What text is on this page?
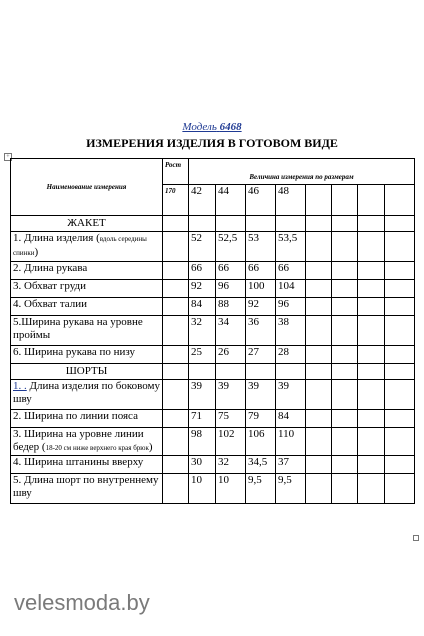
Модель 6468
ИЗМЕРЕНИЯ ИЗДЕЛИЯ В ГОТОВОМ ВИДЕ
+
Наименование измерения	Рост	Величина измерения по размерам							
	170	42	44	46	48				
ЖАКЕТ									
1. Длина изделия (вдоль середины спинки)		52	52,5	53	53,5				
2. Длина рукава		66	66	66	66				
3. Обхват груди		92	96	100	104				
4. Обхват талии		84	88	92	96				
5.Ширина рукава на уровне проймы		32	34	36	38				
6. Ширина рукава по низу		25	26	27	28				
ШОРТЫ									
1. . Длина изделия по боковому шву		39	39	39	39				
2. Ширина по линии пояса		71	75	79	84				
3. Ширина на уровне линии бедер (18-20 см ниже верхнего края брюк)		98	102	106	110				
4. Ширина штанины вверху		30	32	34,5	37				
5. Длина шорт по внутреннему шву		10	10	9,5	9,5				
velesmoda.by
